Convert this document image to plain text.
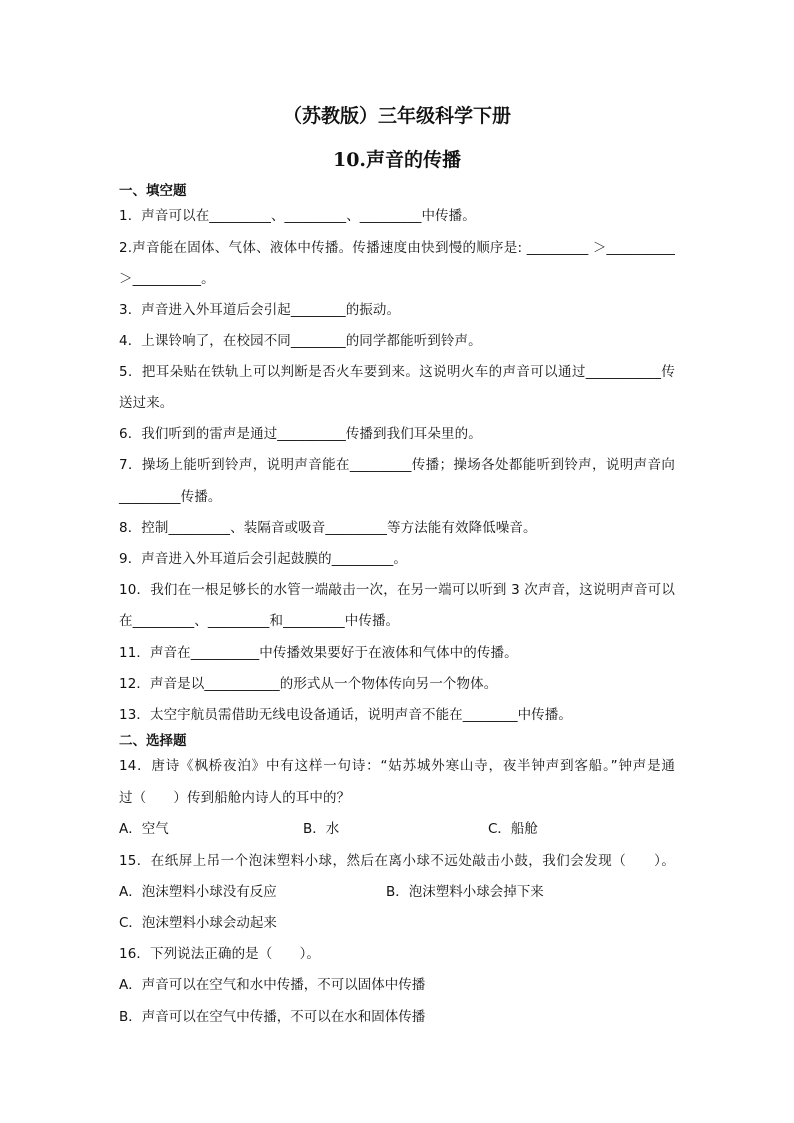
（苏教版）三年级科学下册
10.声音的传播
一、填空题
1．声音可以在_________、_________、_________中传播。
2.声音能在固体、气体、液体中传播。传播速度由快到慢的顺序是: _________ ＞__________
＞__________。
3．声音进入外耳道后会引起________的振动。
4．上课铃响了，在校园不同________的同学都能听到铃声。
5．把耳朵贴在铁轨上可以判断是否火车要到来。这说明火车的声音可以通过___________传
送过来。
6．我们听到的雷声是通过__________传播到我们耳朵里的。
7．操场上能听到铃声，说明声音能在_________传播；操场各处都能听到铃声，说明声音向
_________传播。
8．控制_________、装隔音或吸音_________等方法能有效降低噪音。
9．声音进入外耳道后会引起鼓膜的_________。
10．我们在一根足够长的水管一端敲击一次，在另一端可以听到 3 次声音，这说明声音可以
在_________、_________和_________中传播。
11．声音在__________中传播效果要好于在液体和气体中的传播。
12．声音是以___________的形式从一个物体传向另一个物体。
13．太空宇航员需借助无线电设备通话，说明声音不能在________中传播。
二、选择题
14．唐诗《枫桥夜泊》中有这样一句诗：“姑苏城外寒山寺，夜半钟声到客船。”钟声是通
过（　　）传到船舱内诗人的耳中的？
A．空气	B．水	C．船舱
15．在纸屏上吊一个泡沫塑料小球，然后在离小球不远处敲击小鼓，我们会发现（　　）。
A．泡沫塑料小球没有反应	B．泡沫塑料小球会掉下来
C．泡沫塑料小球会动起来
16．下列说法正确的是（　　）。
A．声音可以在空气和水中传播，不可以固体中传播
B．声音可以在空气中传播，不可以在水和固体传播
